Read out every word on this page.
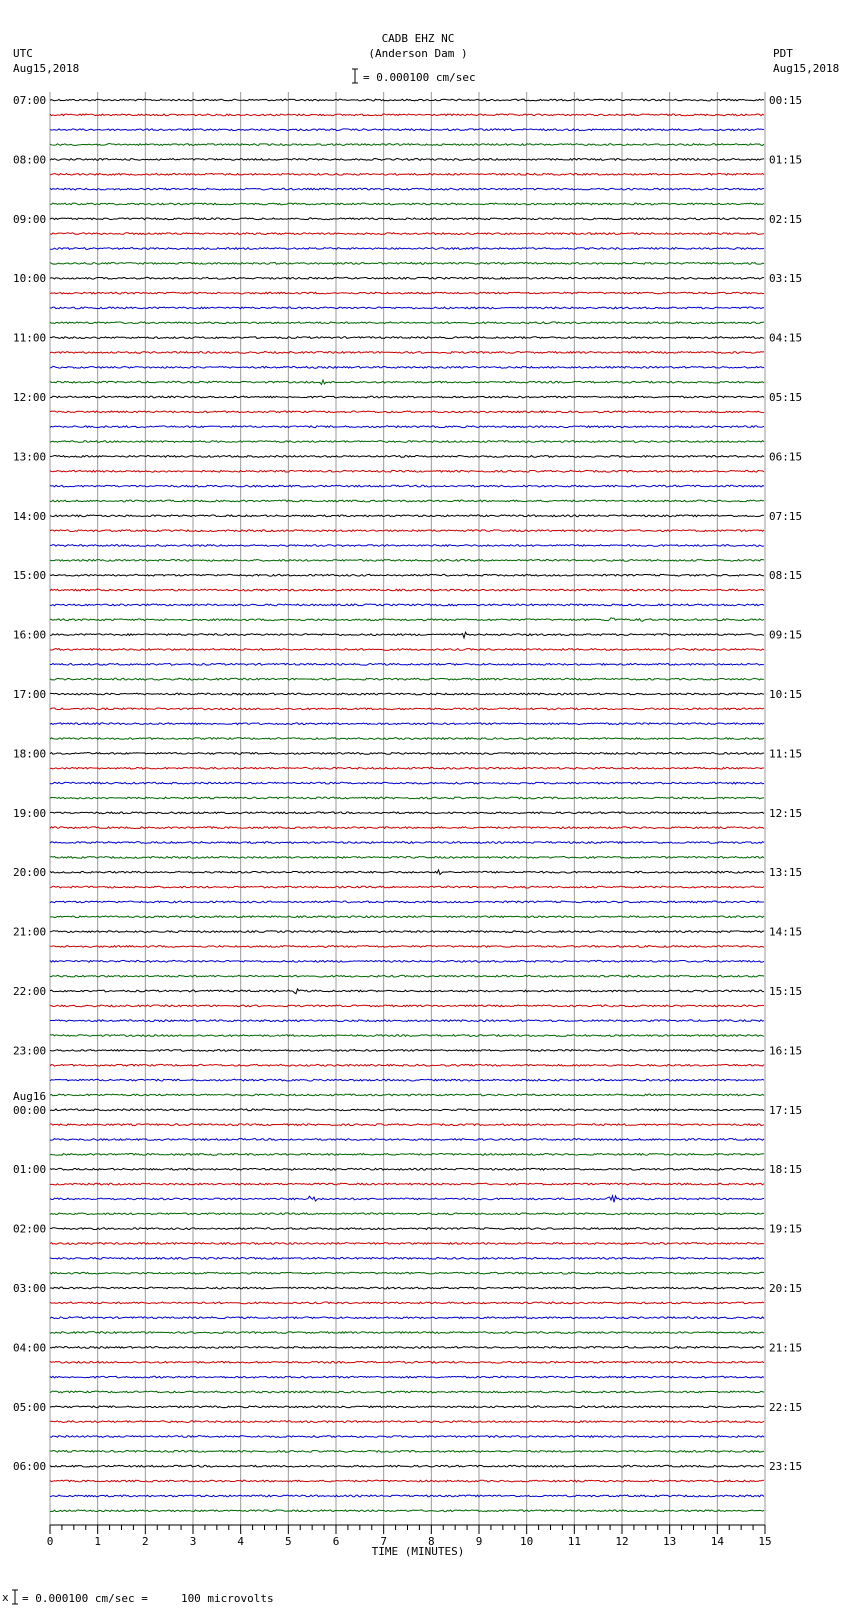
CADB EHZ NC
(Anderson Dam )
UTC
Aug15,2018
PDT
Aug15,2018
= 0.000100 cm/sec
07:00
08:00
09:00
10:00
11:00
12:00
13:00
14:00
15:00
16:00
17:00
18:00
19:00
20:00
21:00
22:00
23:00
00:00
01:00
02:00
03:00
04:00
05:00
06:00
00:15
01:15
02:15
03:15
04:15
05:15
06:15
07:15
08:15
09:15
10:15
11:15
12:15
13:15
14:15
15:15
16:15
17:15
18:15
19:15
20:15
21:15
22:15
23:15
Aug16
0	1	2	3	4	5	6	7	8	9	10	11	12	13	14	15
TIME (MINUTES)
x = 0.000100 cm/sec =     100 microvolts
